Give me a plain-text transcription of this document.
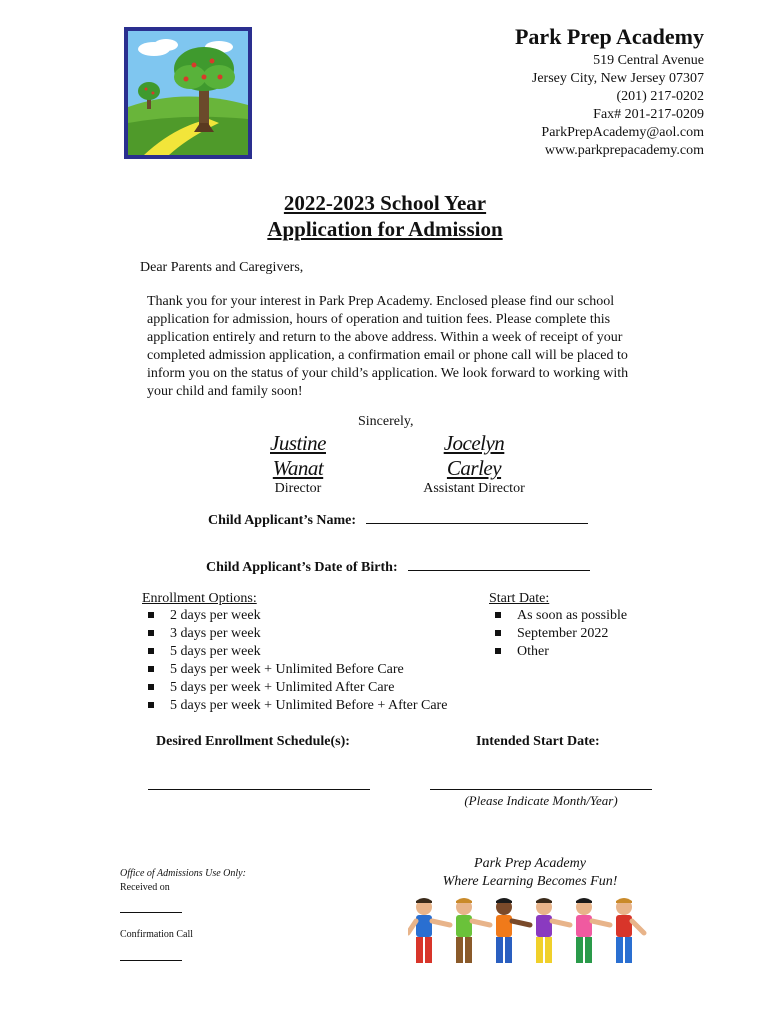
Park Prep Academy
519 Central Avenue
Jersey City, New Jersey 07307
(201) 217-0202
Fax# 201-217-0209
ParkPrepAcademy@aol.com
www.parkprepacademy.com
2022-2023 School Year
Application for Admission
Dear Parents and Caregivers,
Thank you for your interest in Park Prep Academy. Enclosed please find our school application for admission, hours of operation and tuition fees. Please complete this application entirely and return to the above address. Within a week of receipt of your completed admission application, a confirmation email or phone call will be placed to inform you on the status of your child’s application. We look forward to working with your child and family soon!
Sincerely,
Justine Wanat
Director
Jocelyn Carley
Assistant Director
Child Applicant’s Name:
Child Applicant’s Date of Birth:
Enrollment Options:
2 days per week
3 days per week
5 days per week
5 days per week + Unlimited Before Care
5 days per week + Unlimited After Care
5 days per week + Unlimited Before + After Care
Start Date:
As soon as possible
September 2022
Other
Desired Enrollment Schedule(s):	Intended Start Date:
(Please Indicate Month/Year)
Office of Admissions Use Only:
Received on
Confirmation Call
Park Prep Academy
Where Learning Becomes Fun!
